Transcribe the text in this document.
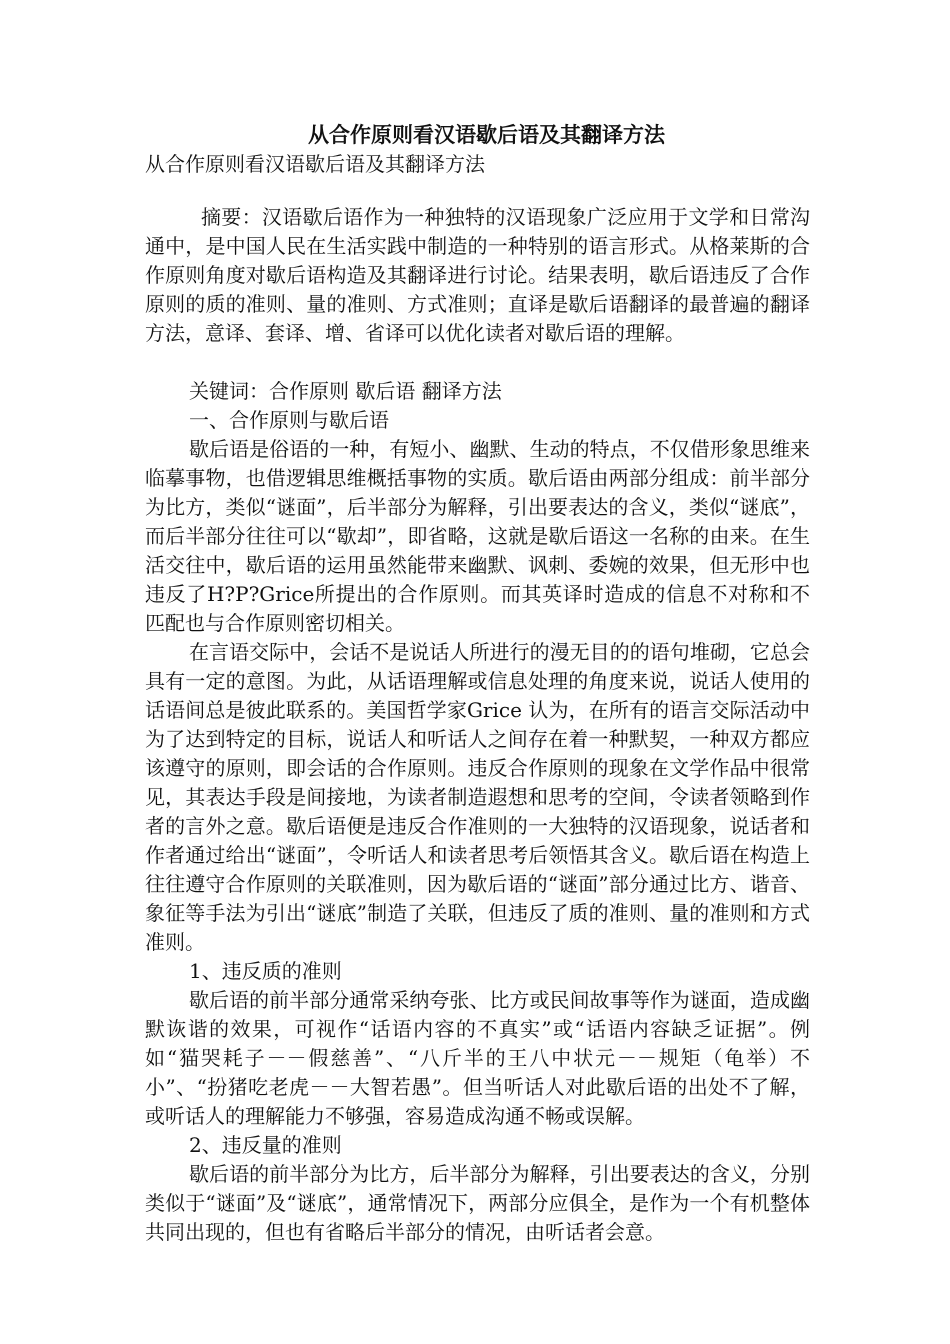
从合作原则看汉语歇后语及其翻译方法
从合作原则看汉语歇后语及其翻译方法

摘要：汉语歇后语作为一种独特的汉语现象广泛应用于文学和日常沟通中，是中国人民在生活实践中制造的一种特别的语言形式。从格莱斯的合作原则角度对歇后语构造及其翻译进行讨论。结果表明，歇后语违反了合作原则的质的准则、量的准则、方式准则；直译是歇后语翻译的最普遍的翻译方法，意译、套译、增、省译可以优化读者对歇后语的理解。

关键词：合作原则 歇后语 翻译方法

一、合作原则与歇后语

歇后语是俗语的一种，有短小、幽默、生动的特点，不仅借形象思维来临摹事物，也借逻辑思维概括事物的实质。歇后语由两部分组成：前半部分为比方，类似“谜面”，后半部分为解释，引出要表达的含义，类似“谜底”，而后半部分往往可以“歇却”，即省略，这就是歇后语这一名称的由来。在生活交往中，歇后语的运用虽然能带来幽默、讽刺、委婉的效果，但无形中也违反了H?P?Grice所提出的合作原则。而其英译时造成的信息不对称和不匹配也与合作原则密切相关。

在言语交际中，会话不是说话人所进行的漫无目的的语句堆砌，它总会具有一定的意图。为此，从话语理解或信息处理的角度来说，说话人使用的话语间总是彼此联系的。美国哲学家Grice 认为，在所有的语言交际活动中为了达到特定的目标，说话人和听话人之间存在着一种默契，一种双方都应该遵守的原则，即会话的合作原则。违反合作原则的现象在文学作品中很常见，其表达手段是间接地，为读者制造遐想和思考的空间，令读者领略到作者的言外之意。歇后语便是违反合作准则的一大独特的汉语现象，说话者和作者通过给出“谜面”，令听话人和读者思考后领悟其含义。歇后语在构造上往往遵守合作原则的关联准则，因为歇后语的“谜面”部分通过比方、谐音、象征等手法为引出“谜底”制造了关联，但违反了质的准则、量的准则和方式准则。

1、违反质的准则

歇后语的前半部分通常采纳夸张、比方或民间故事等作为谜面，造成幽默诙谐的效果，可视作“话语内容的不真实”或“话语内容缺乏证据”。例如“猫哭耗子－－假慈善”、“八斤半的王八中状元－－规矩（龟举）不小”、“扮猪吃老虎－－大智若愚”。但当听话人对此歇后语的出处不了解，或听话人的理解能力不够强，容易造成沟通不畅或误解。

2、违反量的准则

歇后语的前半部分为比方，后半部分为解释，引出要表达的含义，分别类似于“谜面”及“谜底”，通常情况下，两部分应俱全，是作为一个有机整体共同出现的，但也有省略后半部分的情况，由听话者会意。
